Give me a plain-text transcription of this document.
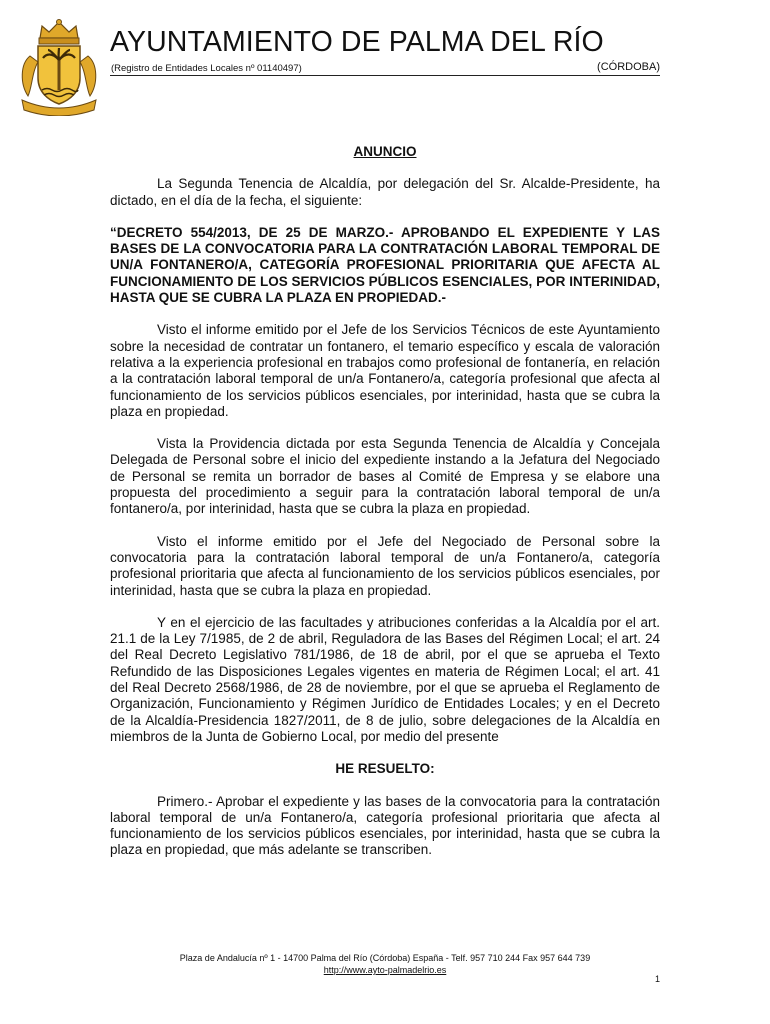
AYUNTAMIENTO DE PALMA DEL RÍO
(Registro de Entidades Locales nº 01140497)	(CÓRDOBA)

ANUNCIO

La Segunda Tenencia de Alcaldía, por delegación del Sr. Alcalde-Presidente, ha dictado, en el día de la fecha, el siguiente:

“DECRETO 554/2013, DE 25 DE MARZO.- APROBANDO EL EXPEDIENTE Y LAS BASES DE LA CONVOCATORIA PARA LA CONTRATACIÓN LABORAL TEMPORAL DE UN/A FONTANERO/A, CATEGORÍA PROFESIONAL PRIORITARIA QUE AFECTA AL FUNCIONAMIENTO DE LOS SERVICIOS PÚBLICOS ESENCIALES, POR INTERINIDAD, HASTA QUE SE CUBRA LA PLAZA EN PROPIEDAD.-

Visto el informe emitido por el Jefe de los Servicios Técnicos de este Ayuntamiento sobre la necesidad de contratar un fontanero, el temario específico y escala de valoración relativa a la experiencia profesional en trabajos como profesional de fontanería, en relación a la contratación laboral temporal de un/a Fontanero/a, categoría profesional que afecta al funcionamiento de los servicios públicos esenciales, por interinidad, hasta que se cubra la plaza en propiedad.

Vista la Providencia dictada por esta Segunda Tenencia de Alcaldía y Concejala Delegada de Personal sobre el inicio del expediente instando a la Jefatura del Negociado de Personal se remita un borrador de bases al Comité de Empresa y se elabore una propuesta del procedimiento a seguir para la contratación laboral temporal de un/a fontanero/a, por interinidad, hasta que se cubra la plaza en propiedad.

Visto el informe emitido por el Jefe del Negociado de Personal sobre la convocatoria para la contratación laboral temporal de un/a Fontanero/a, categoría profesional prioritaria que afecta al funcionamiento de los servicios públicos esenciales, por interinidad, hasta que se cubra la plaza en propiedad.

Y en el ejercicio de las facultades y atribuciones conferidas a la Alcaldía por el art. 21.1 de la Ley 7/1985, de 2 de abril, Reguladora de las Bases del Régimen Local; el art. 24 del Real Decreto Legislativo 781/1986, de 18 de abril, por el que se aprueba el Texto Refundido de las Disposiciones Legales vigentes en materia de Régimen Local; el art. 41 del Real Decreto 2568/1986, de 28 de noviembre, por el que se aprueba el Reglamento de Organización, Funcionamiento y Régimen Jurídico de Entidades Locales; y en el Decreto de la Alcaldía-Presidencia 1827/2011, de 8 de julio, sobre delegaciones de la Alcaldía en miembros de la Junta de Gobierno Local, por medio del presente

HE RESUELTO:

Primero.- Aprobar el expediente y las bases de la convocatoria para la contratación laboral temporal de un/a Fontanero/a, categoría profesional prioritaria que afecta al funcionamiento de los servicios públicos esenciales, por interinidad, hasta que se cubra la plaza en propiedad, que más adelante se transcriben.

Plaza de Andalucía nº 1 - 14700 Palma del Río (Córdoba) España - Telf. 957 710 244 Fax 957 644 739
http://www.ayto-palmadelrio.es
1
